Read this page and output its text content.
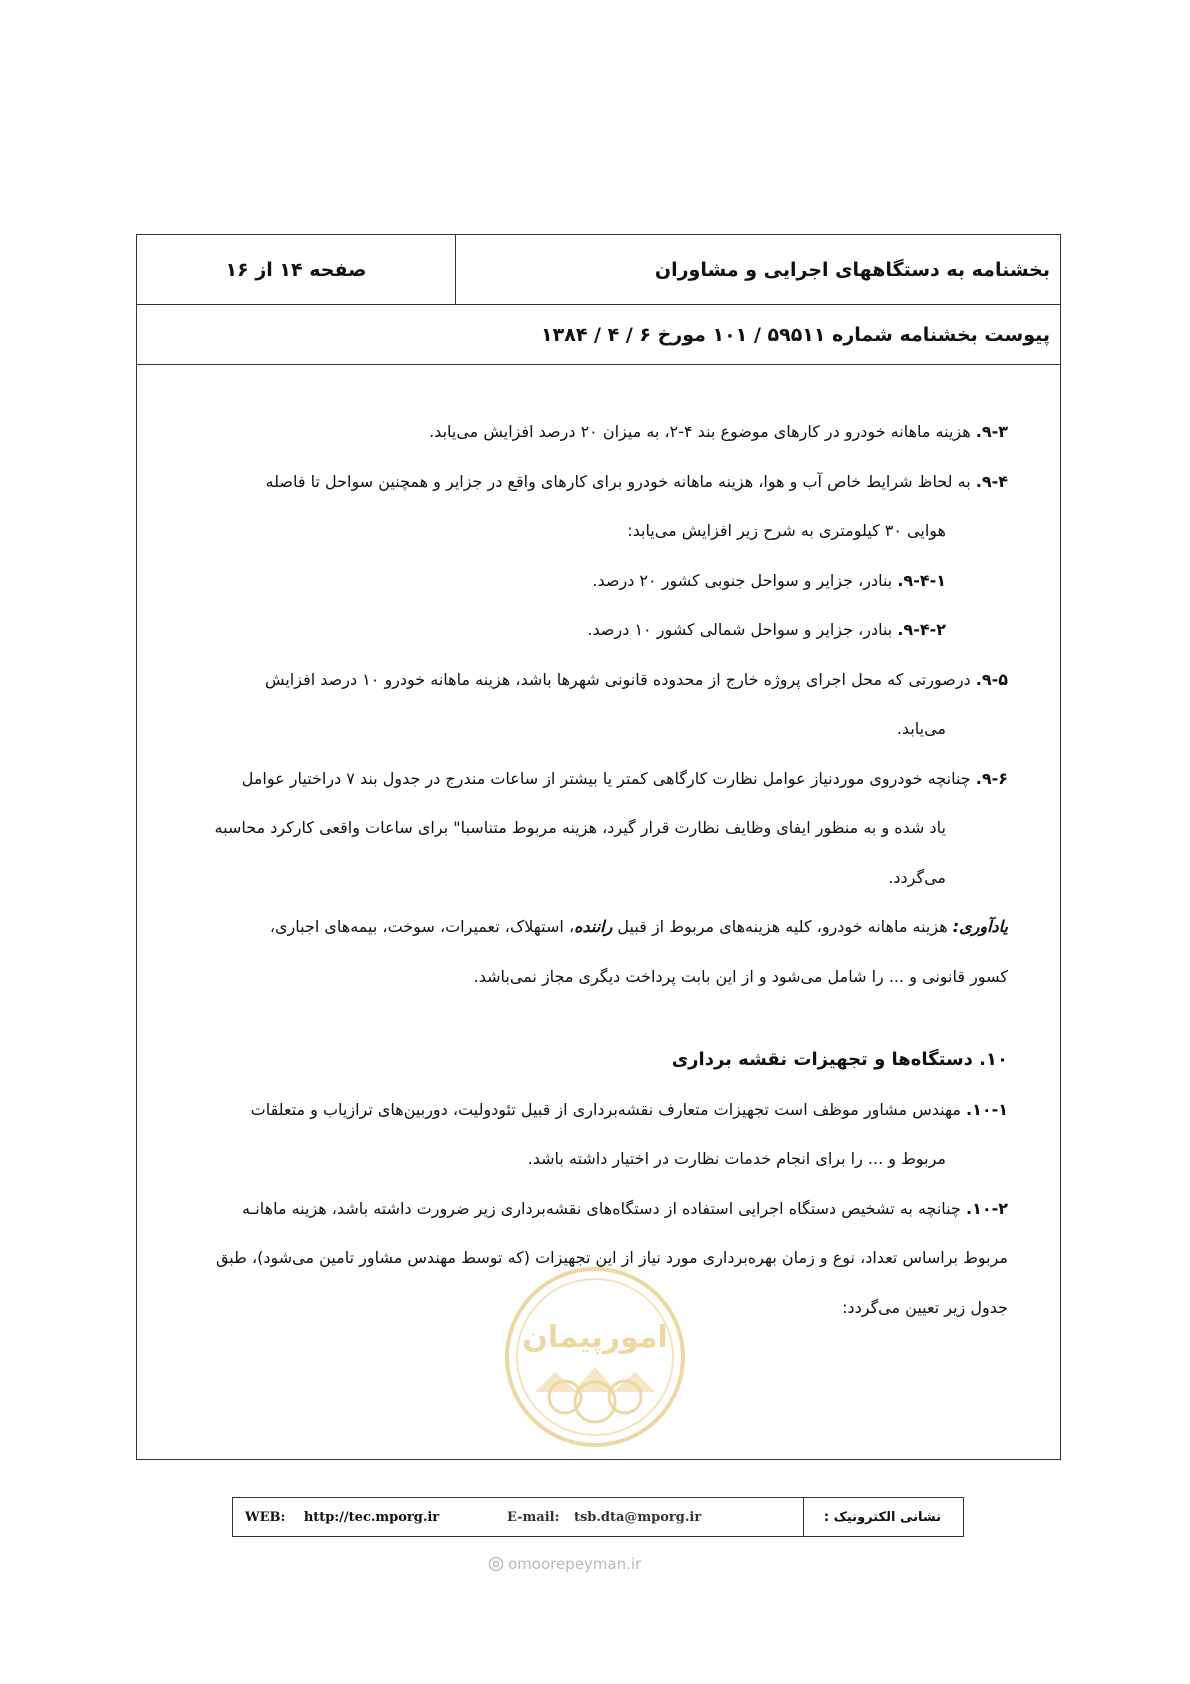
بخشنامه به دستگاههای اجرایی و مشاوران
صفحه ۱۴ از ۱۶
پیوست بخشنامه شماره ۵۹۵۱۱ / ۱۰۱ مورخ ۶ / ۴ / ۱۳۸۴

۹-۳. هزینه ماهانه خودرو در کارهای موضوع بند ۴-۲، به میزان ۲۰ درصد افزایش می‌یابد.

۹-۴. به لحاظ شرایط خاص آب و هوا، هزینه ماهانه خودرو برای کارهای واقع در جزایر و همچنین سواحل تا فاصله

هوایی ۳۰ کیلومتری به شرح زیر افزایش می‌یابد:

۹-۴-۱. بنادر، جزایر و سواحل جنوبی کشور ۲۰ درصد.

۹-۴-۲. بنادر، جزایر و سواحل شمالی کشور ۱۰ درصد.

۹-۵. درصورتی که محل اجرای پروژه خارج از محدوده قانونی شهرها باشد، هزینه ماهانه خودرو ۱۰ درصد افزایش

می‌یابد.

۹-۶. چنانچه خودروی موردنیاز عوامل نظارت کارگاهی کمتر یا بیشتر از ساعات مندرج در جدول بند ۷ دراختیار عوامل

یاد شده و به منظور ایفای وظایف نظارت قرار گیرد، هزینه مربوط متناسبا" برای ساعات واقعی کارکرد محاسبه

می‌گردد.

یادآوری: هزینه ماهانه خودرو، کلیه هزینه‌های مربوط از قبیل راننده، استهلاک، تعمیرات، سوخت، بیمه‌های اجباری،

کسور قانونی و ... را شامل می‌شود و از این بابت پرداخت دیگری مجاز نمی‌باشد.

۱۰. دستگاه‌ها و تجهیزات نقشه برداری

۱۰-۱. مهندس مشاور موظف است تجهیزات متعارف نقشه‌برداری از قبیل تئودولیت، دوربین‌های ترازیاب و متعلقات

مربوط و ... را برای انجام خدمات نظارت در اختیار داشته باشد.

۱۰-۲. چنانچه به تشخیص دستگاه اجرایی استفاده از دستگاه‌های نقشه‌برداری زیر ضرورت داشته باشد، هزینه ماهانـه

مربوط براساس تعداد، نوع و زمان بهره‌برداری مورد نیاز از این تجهیزات (که توسط مهندس مشاور تامین می‌شود)، طبق

جدول زیر تعیین می‌گردد:

امورپیمان
WEB: http://tec.mporg.ir	E-mail: tsb.dta@mporg.ir	نشانی الکترونیک :
omoorepeyman.ir
